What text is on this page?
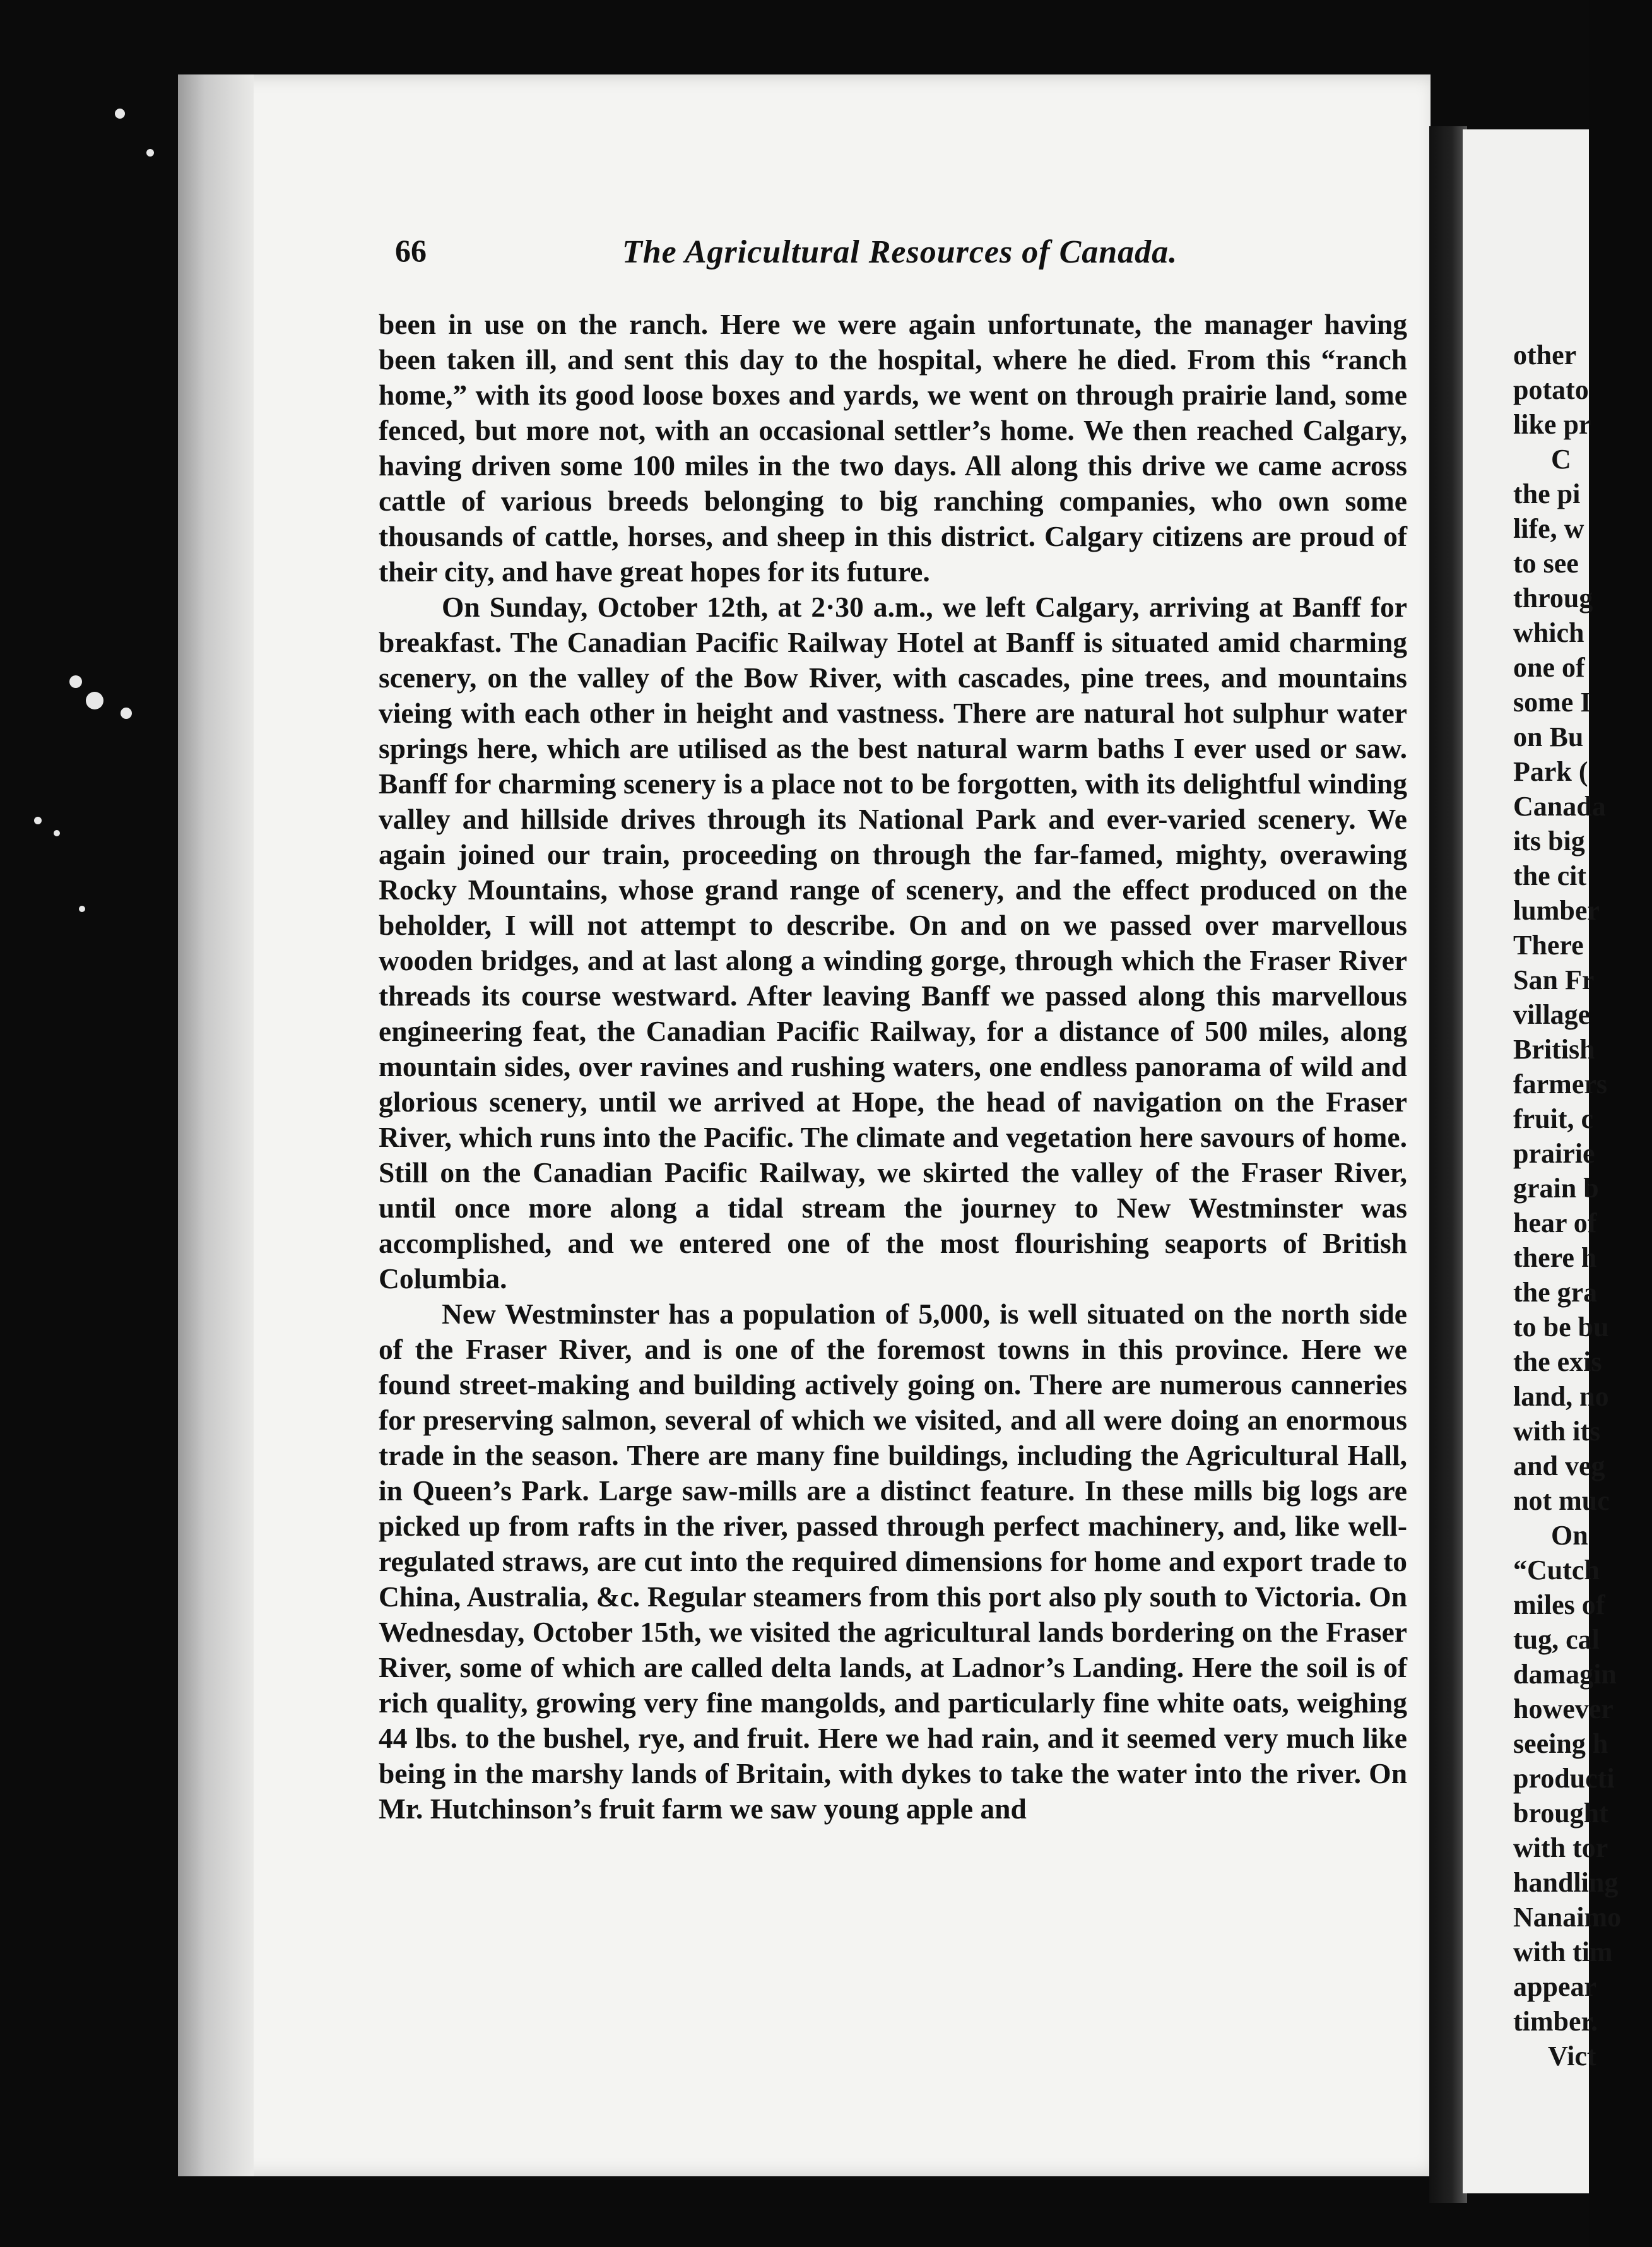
66	The Agricultural Resources of Canada.

been in use on the ranch. Here we were again unfortunate, the manager having been taken ill, and sent this day to the hospital, where he died. From this “ranch home,” with its good loose boxes and yards, we went on through prairie land, some fenced, but more not, with an occasional settler’s home. We then reached Calgary, having driven some 100 miles in the two days. All along this drive we came across cattle of various breeds belonging to big ranching companies, who own some thousands of cattle, horses, and sheep in this district. Calgary citizens are proud of their city, and have great hopes for its future.

On Sunday, October 12th, at 2·30 a.m., we left Calgary, arriving at Banff for breakfast. The Canadian Pacific Railway Hotel at Banff is situated amid charming scenery, on the valley of the Bow River, with cascades, pine trees, and mountains vieing with each other in height and vastness. There are natural hot sulphur water springs here, which are utilised as the best natural warm baths I ever used or saw. Banff for charming scenery is a place not to be forgotten, with its delightful winding valley and hillside drives through its National Park and ever-varied scenery. We again joined our train, proceeding on through the far-famed, mighty, overawing Rocky Mountains, whose grand range of scenery, and the effect produced on the beholder, I will not attempt to describe. On and on we passed over marvellous wooden bridges, and at last along a winding gorge, through which the Fraser River threads its course westward. After leaving Banff we passed along this marvellous engineering feat, the Canadian Pacific Railway, for a distance of 500 miles, along mountain sides, over ravines and rushing waters, one endless panorama of wild and glorious scenery, until we arrived at Hope, the head of navigation on the Fraser River, which runs into the Pacific. The climate and vegetation here savours of home. Still on the Canadian Pacific Railway, we skirted the valley of the Fraser River, until once more along a tidal stream the journey to New Westminster was accomplished, and we entered one of the most flourishing seaports of British Columbia.

New Westminster has a population of 5,000, is well situated on the north side of the Fraser River, and is one of the foremost towns in this province. Here we found street-making and building actively going on. There are numerous canneries for preserving salmon, several of which we visited, and all were doing an enormous trade in the season. There are many fine buildings, including the Agricultural Hall, in Queen’s Park. Large saw-mills are a distinct feature. In these mills big logs are picked up from rafts in the river, passed through perfect machinery, and, like well-regulated straws, are cut into the required dimensions for home and export trade to China, Australia, &c. Regular steamers from this port also ply south to Victoria. On Wednesday, October 15th, we visited the agricultural lands bordering on the Fraser River, some of which are called delta lands, at Ladnor’s Landing. Here the soil is of rich quality, growing very fine mangolds, and particularly fine white oats, weighing 44 lbs. to the bushel, rye, and fruit. Here we had rain, and it seemed very much like being in the marshy lands of Britain, with dykes to take the water into the river. On Mr. Hutchinson’s fruit farm we saw young apple and

other
potato
like pr
C
the pi
life, w
to see
throug
which
one of
some I
on Bu
Park (
Canada
its big
the cit
lumber
There
San Fr
village
British
farmers
fruit, c
prairie
grain b
hear of
there h
the gra
to be bu
the exis
land, no
with its
and veg
not muc
On
“Cutch
miles of
tug, cal
damagin
however
seeing h
producti
brought
with tor
handling
Nanaimo
with tim
appear
timber.
Vict
